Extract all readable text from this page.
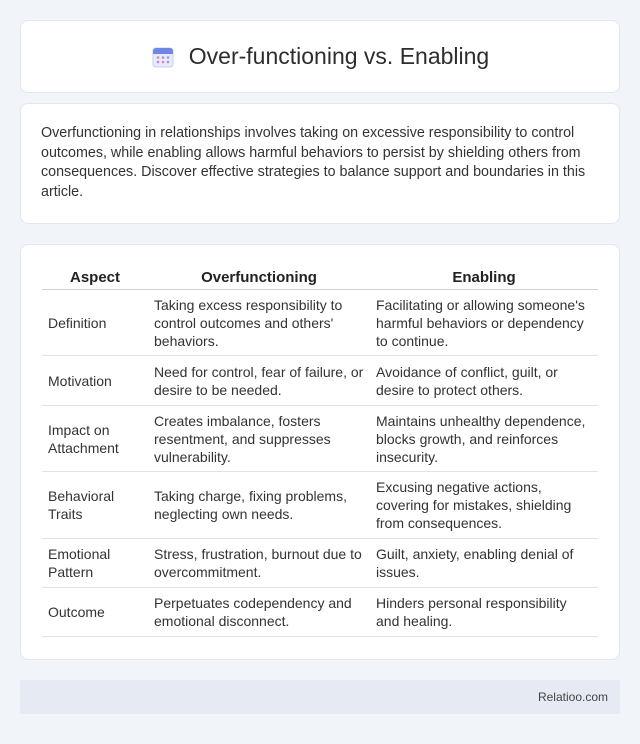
Over-functioning vs. Enabling

Overfunctioning in relationships involves taking on excessive responsibility to control outcomes, while enabling allows harmful behaviors to persist by shielding others from consequences. Discover effective strategies to balance support and boundaries in this article.

Aspect	Overfunctioning	Enabling
Definition	Taking excess responsibility to control outcomes and others' behaviors.	Facilitating or allowing someone's harmful behaviors or dependency to continue.
Motivation	Need for control, fear of failure, or desire to be needed.	Avoidance of conflict, guilt, or desire to protect others.
Impact on Attachment	Creates imbalance, fosters resentment, and suppresses vulnerability.	Maintains unhealthy dependence, blocks growth, and reinforces insecurity.
Behavioral Traits	Taking charge, fixing problems, neglecting own needs.	Excusing negative actions, covering for mistakes, shielding from consequences.
Emotional Pattern	Stress, frustration, burnout due to overcommitment.	Guilt, anxiety, enabling denial of issues.
Outcome	Perpetuates codependency and emotional disconnect.	Hinders personal responsibility and healing.
Relatioo.com
